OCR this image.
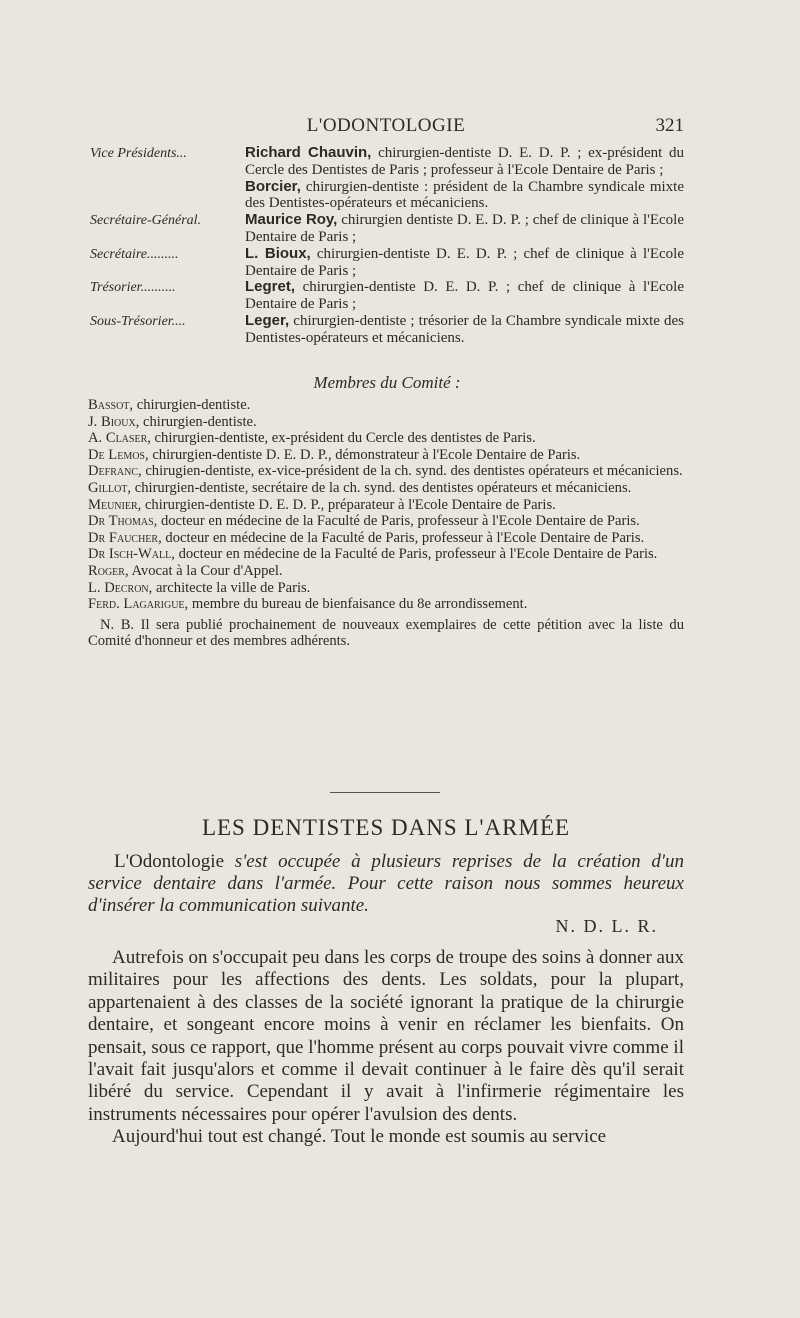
L'ODONTOLOGIE	321
Vice Présidents...	Richard Chauvin, chirurgien-dentiste D. E. D. P. ; ex-président du Cercle des Dentistes de Paris ; professeur à l'Ecole Dentaire de Paris ;
Borcier, chirurgien-dentiste : président de la Chambre syndicale mixte des Dentistes-opérateurs et mécaniciens.
Secrétaire-Général.	Maurice Roy, chirurgien dentiste D. E. D. P. ; chef de clinique à l'Ecole Dentaire de Paris ;
Secrétaire.........	L. Bioux, chirurgien-dentiste D. E. D. P. ; chef de clinique à l'Ecole Dentaire de Paris ;
Trésorier..........	Legret, chirurgien-dentiste D. E. D. P. ; chef de clinique à l'Ecole Dentaire de Paris ;
Sous-Trésorier....	Leger, chirurgien-dentiste ; trésorier de la Chambre syndicale mixte des Dentistes-opérateurs et mécaniciens.
Membres du Comité :
Bassot, chirurgien-dentiste.
J. Bioux, chirurgien-dentiste.
A. Claser, chirurgien-dentiste, ex-président du Cercle des dentistes de Paris.
De Lemos, chirurgien-dentiste D. E. D. P., démonstrateur à l'Ecole Dentaire de Paris.
Defranc, chirugien-dentiste, ex-vice-président de la ch. synd. des dentistes opérateurs et mécaniciens.
Gillot, chirurgien-dentiste, secrétaire de la ch. synd. des dentistes opérateurs et mécaniciens.
Meunier, chirurgien-dentiste D. E. D. P., préparateur à l'Ecole Dentaire de Paris.
Dr Thomas, docteur en médecine de la Faculté de Paris, professeur à l'Ecole Dentaire de Paris.
Dr Faucher, docteur en médecine de la Faculté de Paris, professeur à l'Ecole Dentaire de Paris.
Dr Isch-Wall, docteur en médecine de la Faculté de Paris, professeur à l'Ecole Dentaire de Paris.
Roger, Avocat à la Cour d'Appel.
L. Decron, architecte la ville de Paris.
Ferd. Lagarigue, membre du bureau de bienfaisance du 8e arrondissement.
N. B. Il sera publié prochainement de nouveaux exemplaires de cette pétition avec la liste du Comité d'honneur et des membres adhérents.
LES DENTISTES DANS L'ARMÉE

L'Odontologie s'est occupée à plusieurs reprises de la création d'un service dentaire dans l'armée. Pour cette raison nous sommes heureux d'insérer la communication suivante.

N. D. L. R.

Autrefois on s'occupait peu dans les corps de troupe des soins à donner aux militaires pour les affections des dents. Les soldats, pour la plupart, appartenaient à des classes de la société ignorant la pratique de la chirurgie dentaire, et songeant encore moins à venir en réclamer les bienfaits. On pensait, sous ce rapport, que l'homme présent au corps pouvait vivre comme il l'avait fait jusqu'alors et comme il devait continuer à le faire dès qu'il serait libéré du service. Cependant il y avait à l'infirmerie régimentaire les instruments nécessaires pour opérer l'avulsion des dents.

Aujourd'hui tout est changé. Tout le monde est soumis au service
